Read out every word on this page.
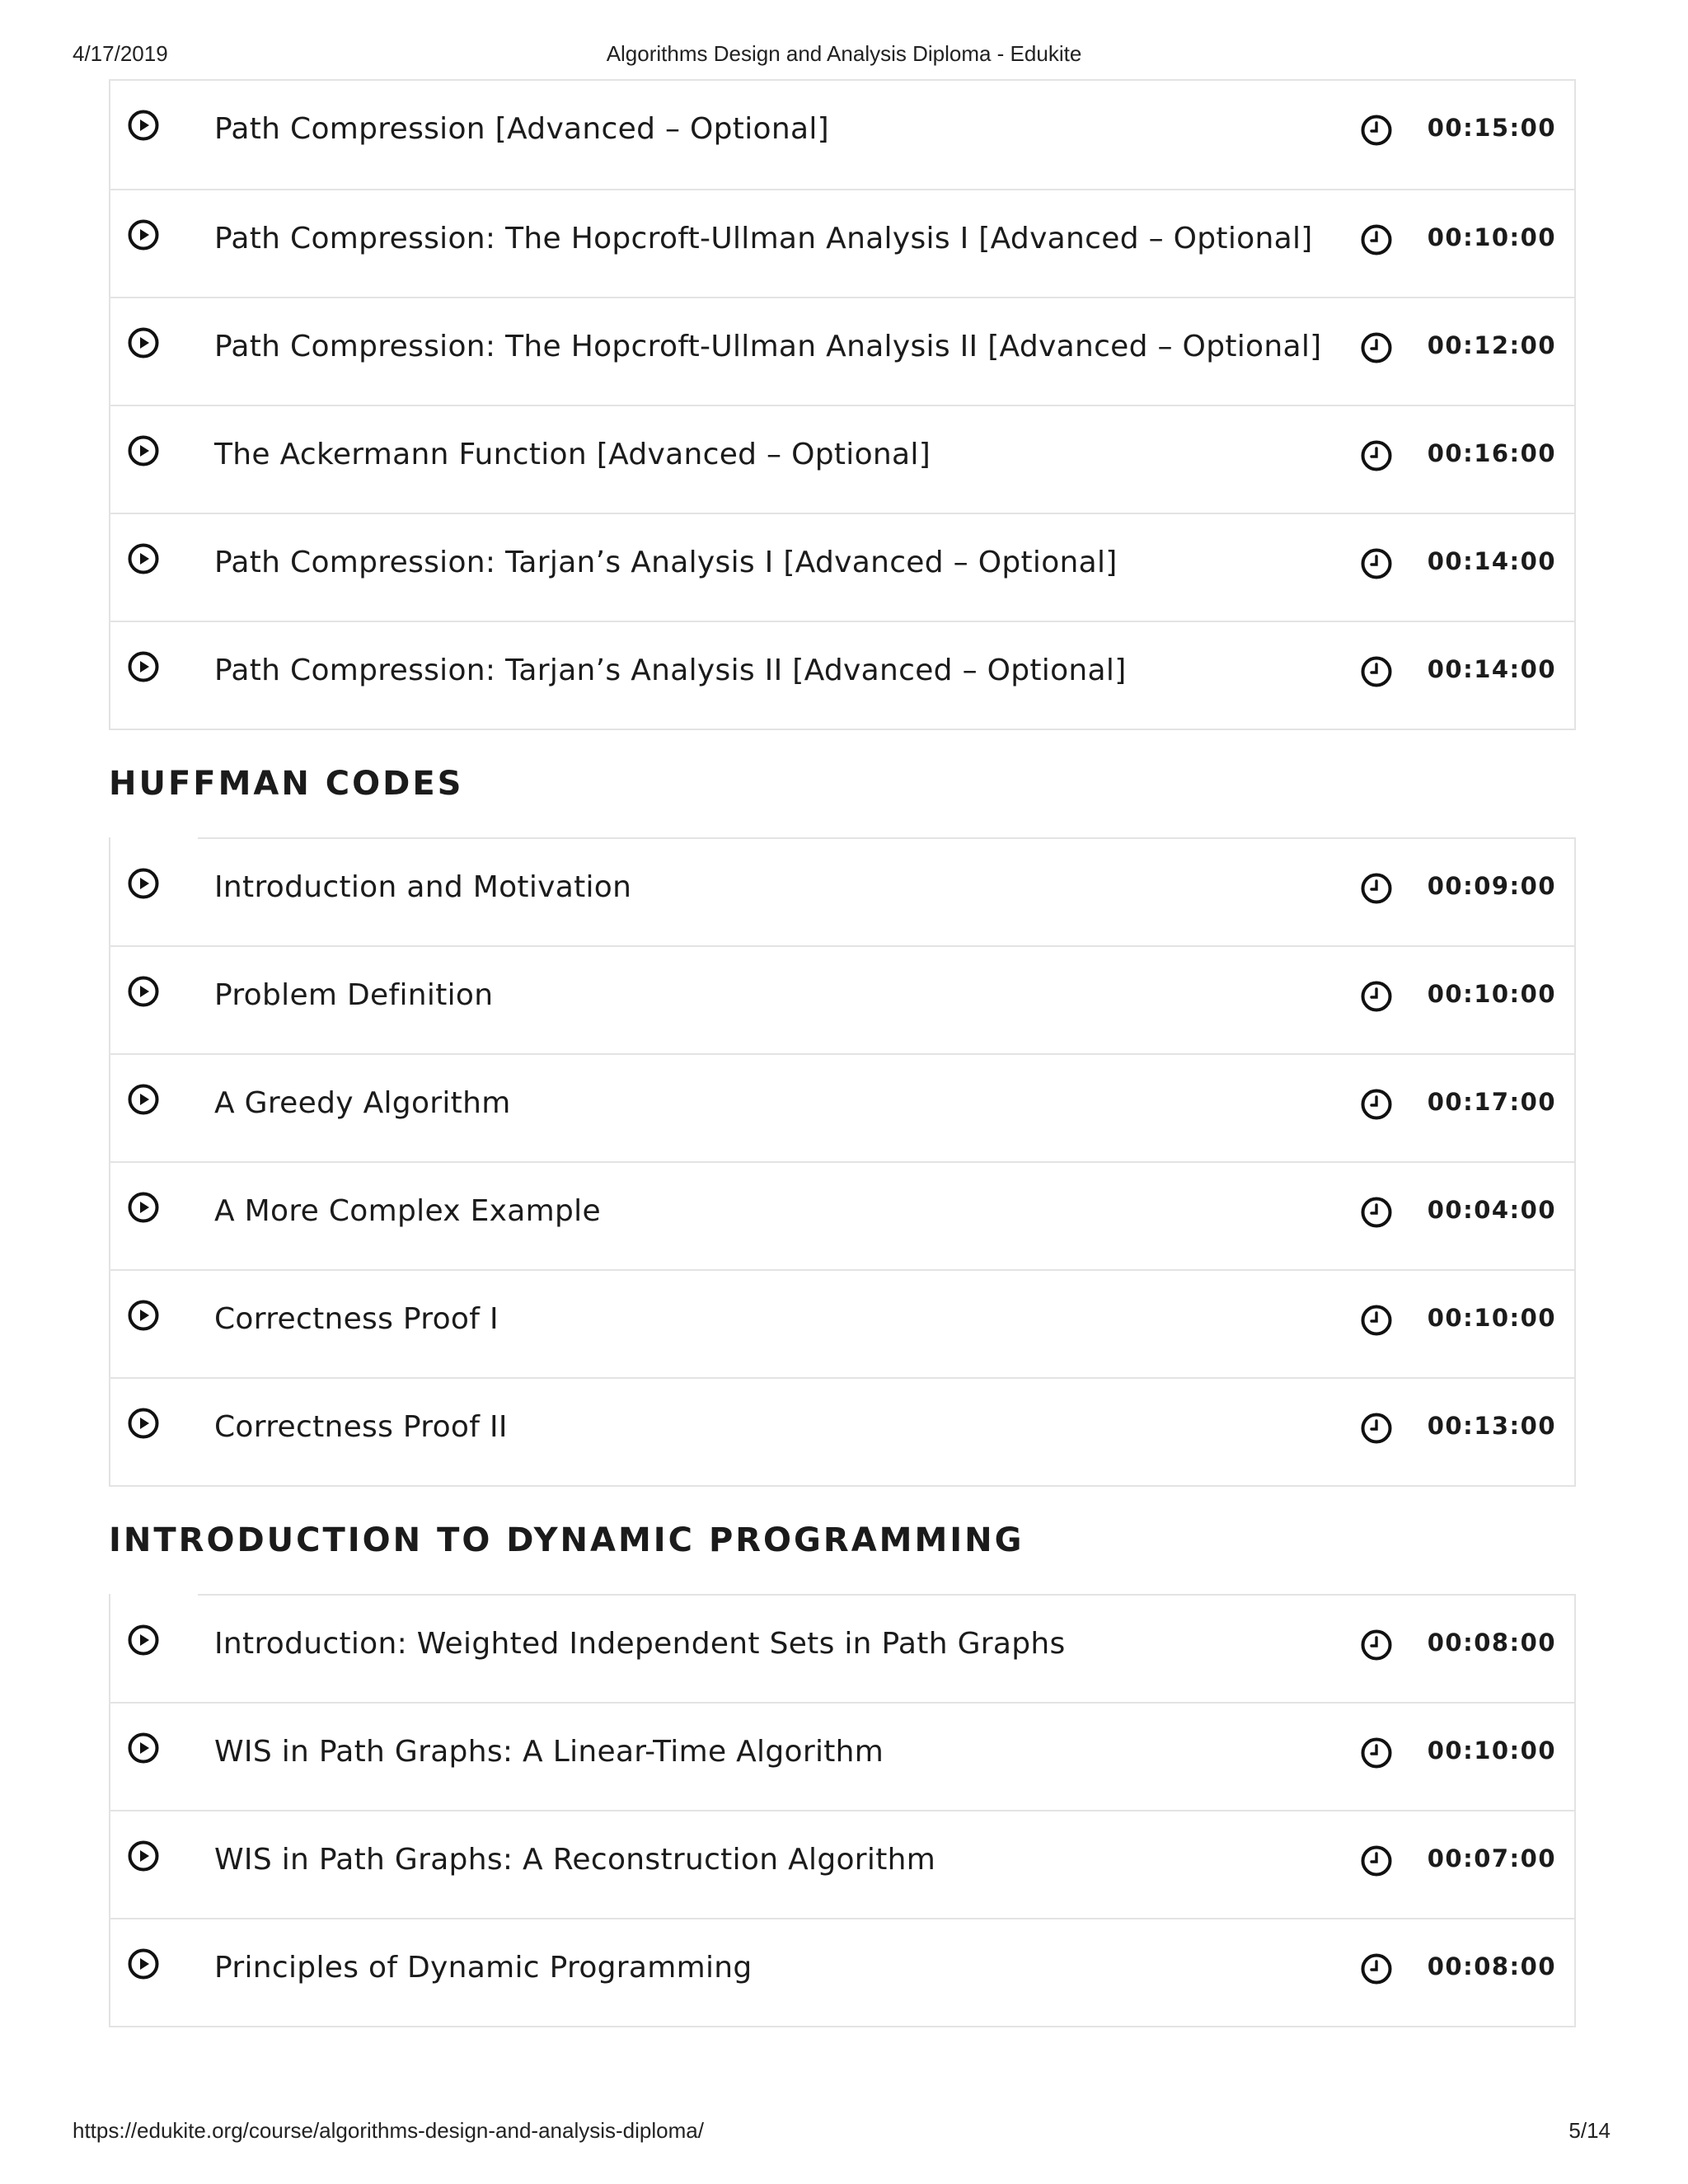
4/17/2019	Algorithms Design and Analysis Diploma - Edukite
Path Compression [Advanced – Optional]	00:15:00
Path Compression: The Hopcroft-Ullman Analysis I [Advanced – Optional]	00:10:00
Path Compression: The Hopcroft-Ullman Analysis II [Advanced – Optional]	00:12:00
The Ackermann Function [Advanced – Optional]	00:16:00
Path Compression: Tarjan’s Analysis I [Advanced – Optional]	00:14:00
Path Compression: Tarjan’s Analysis II [Advanced – Optional]	00:14:00
HUFFMAN CODES
Introduction and Motivation	00:09:00
Problem Definition	00:10:00
A Greedy Algorithm	00:17:00
A More Complex Example	00:04:00
Correctness Proof I	00:10:00
Correctness Proof II	00:13:00
INTRODUCTION TO DYNAMIC PROGRAMMING
Introduction: Weighted Independent Sets in Path Graphs	00:08:00
WIS in Path Graphs: A Linear-Time Algorithm	00:10:00
WIS in Path Graphs: A Reconstruction Algorithm	00:07:00
Principles of Dynamic Programming	00:08:00
https://edukite.org/course/algorithms-design-and-analysis-diploma/	5/14
